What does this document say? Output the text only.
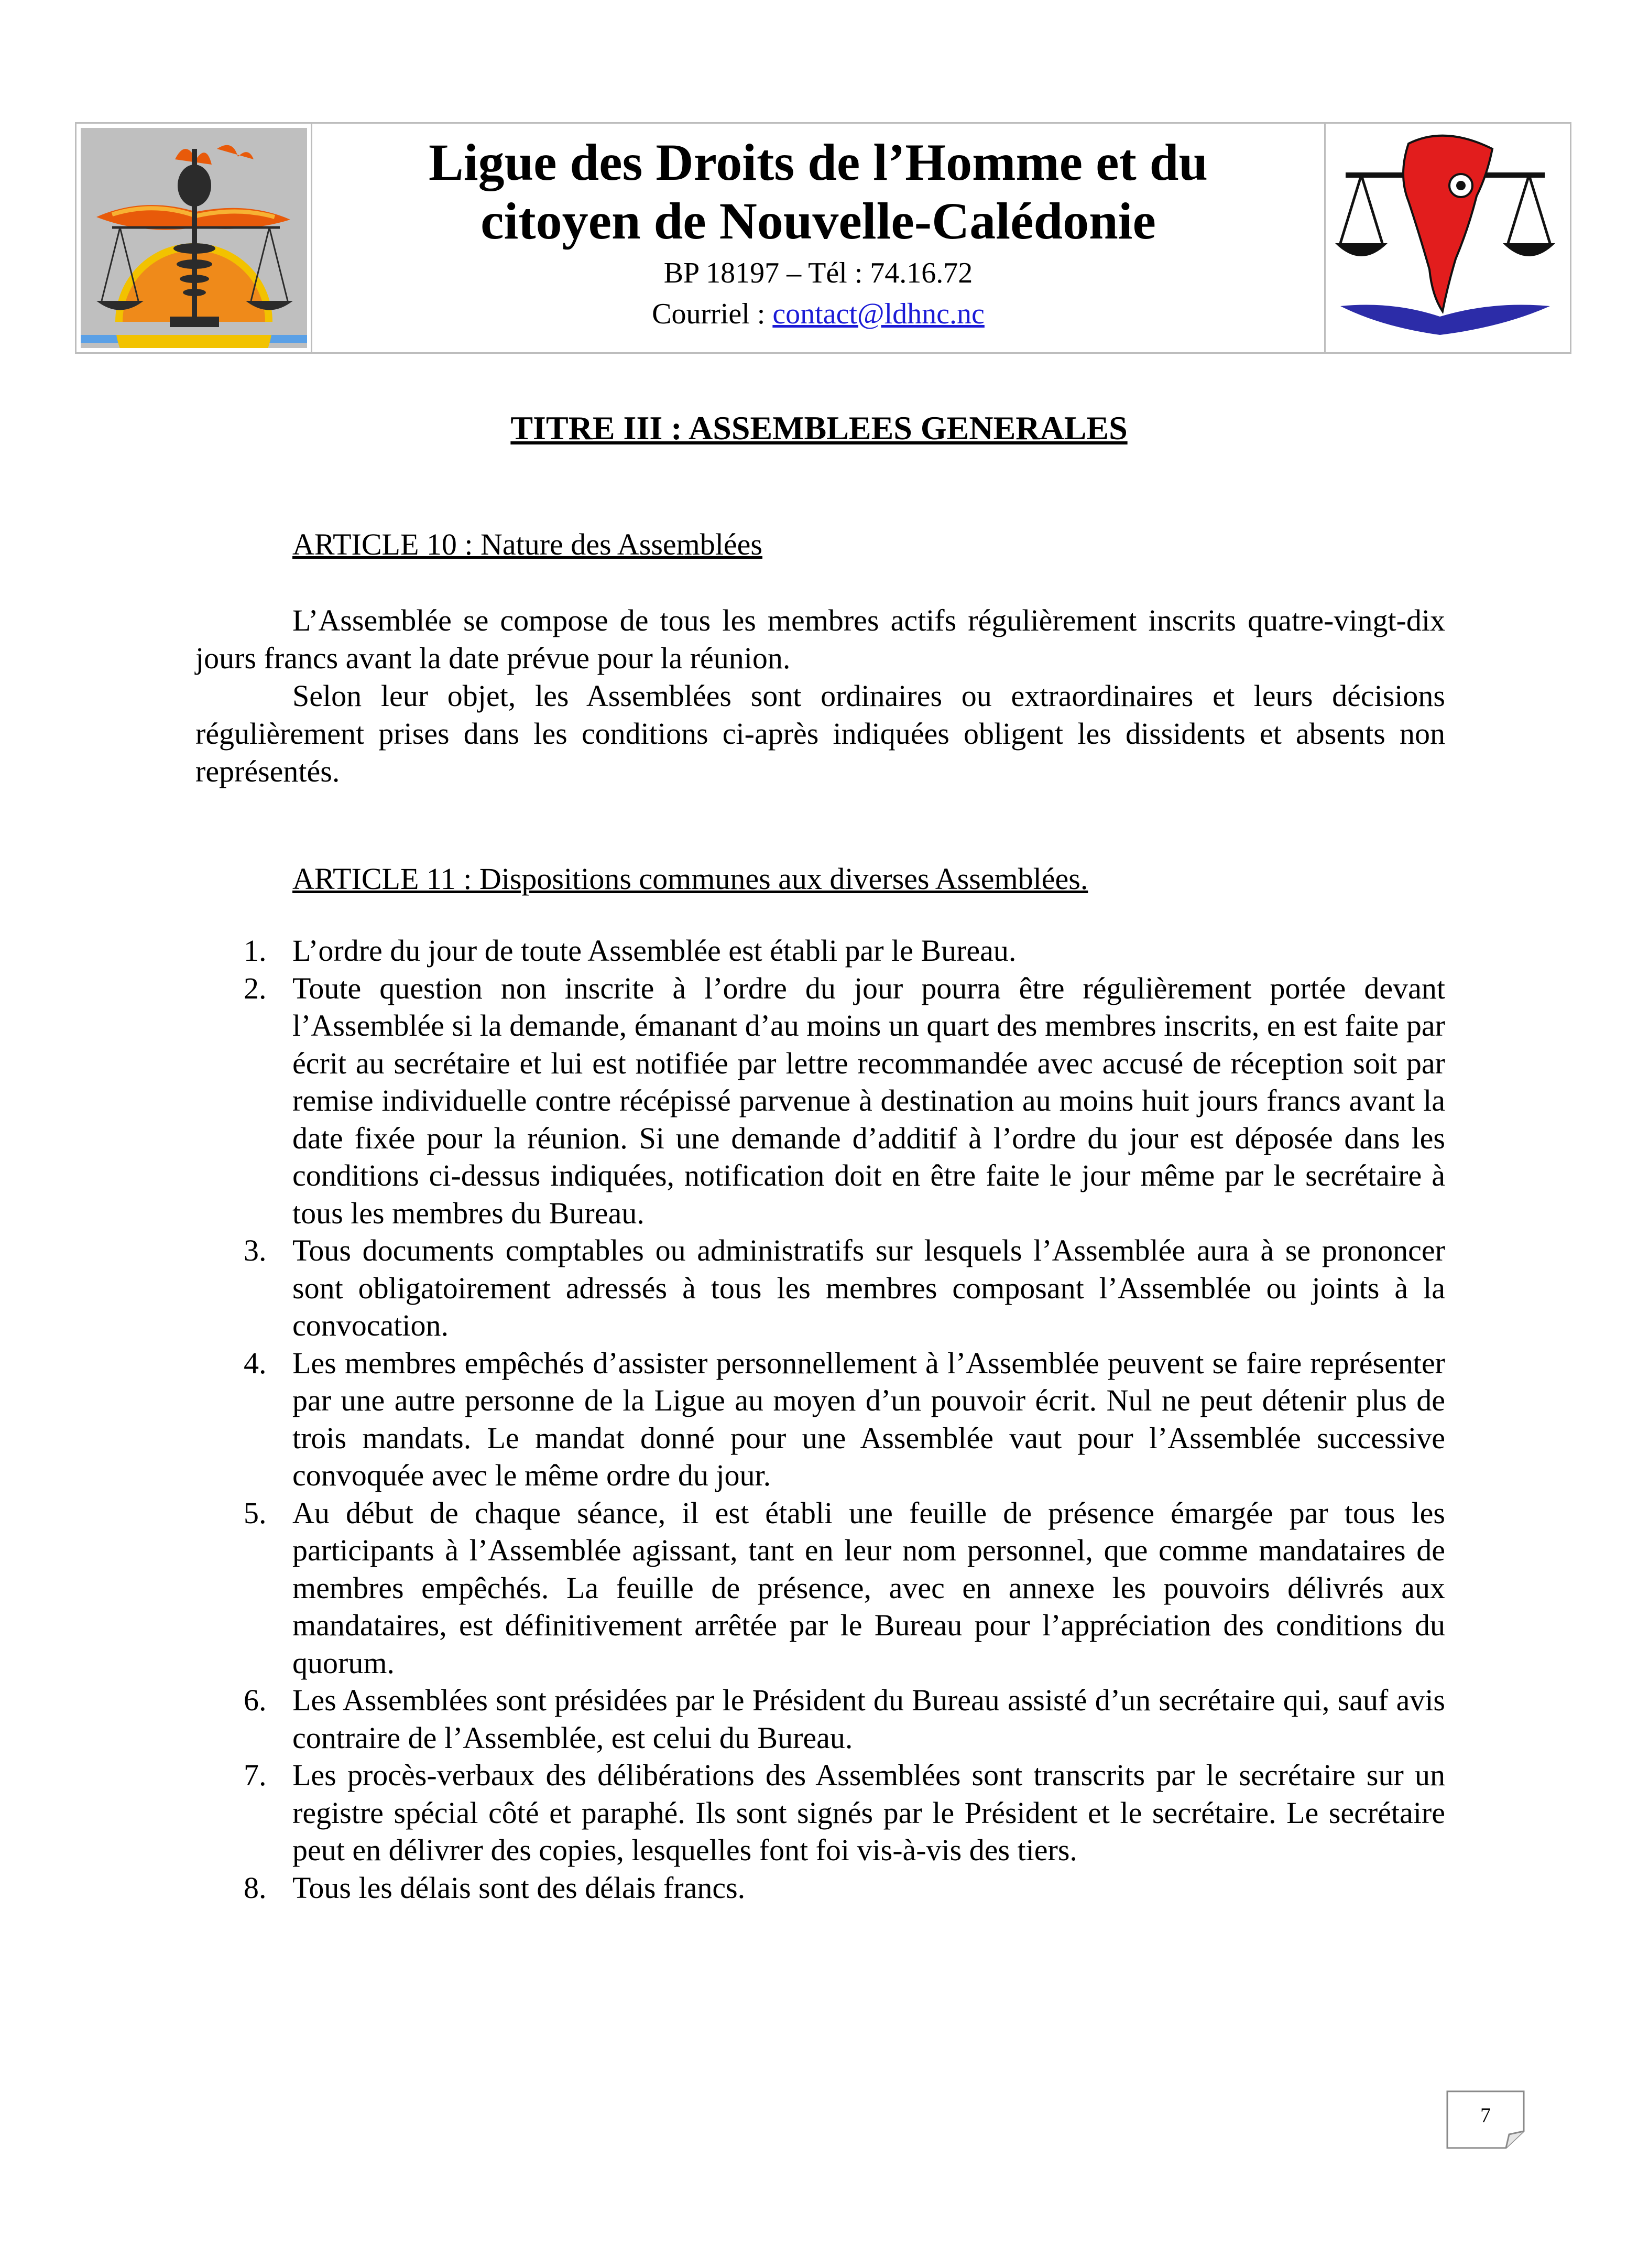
Ligue des Droits de l’Homme et du
citoyen de Nouvelle-Calédonie
BP 18197 – Tél : 74.16.72
Courriel : contact@ldhnc.nc
TITRE III : ASSEMBLEES GENERALES
ARTICLE 10 : Nature des Assemblées
L’Assemblée se compose de tous les membres actifs régulièrement inscrits quatre-vingt-dix jours francs avant la date prévue pour la réunion.
Selon leur objet, les Assemblées sont ordinaires ou extraordinaires et leurs décisions régulièrement prises dans les conditions ci-après indiquées obligent les dissidents et absents non représentés.
ARTICLE 11 : Dispositions communes aux diverses Assemblées.
1. L’ordre du jour de toute Assemblée est établi par le Bureau.
2. Toute question non inscrite à l’ordre du jour pourra être régulièrement portée devant l’Assemblée si la demande, émanant d’au moins un quart des membres inscrits, en est faite par écrit au secrétaire et lui est notifiée par lettre recommandée avec accusé de réception soit par remise individuelle contre récépissé parvenue à destination au moins huit jours francs avant la date fixée pour la réunion. Si une demande d’additif à l’ordre du jour est déposée dans les conditions ci-dessus indiquées, notification doit en être faite le jour même par le secrétaire à tous les membres du Bureau.
3. Tous documents comptables ou administratifs sur lesquels l’Assemblée aura à se prononcer sont obligatoirement adressés à tous les membres composant l’Assemblée ou joints à la convocation.
4. Les membres empêchés d’assister personnellement à l’Assemblée peuvent se faire représenter par une autre personne de la Ligue au moyen d’un pouvoir écrit. Nul ne peut détenir plus de trois mandats. Le mandat donné pour une Assemblée vaut pour l’Assemblée successive convoquée avec le même ordre du jour.
5. Au début de chaque séance, il est établi une feuille de présence émargée par tous les participants à l’Assemblée agissant, tant en leur nom personnel, que comme mandataires de membres empêchés. La feuille de présence, avec en annexe les pouvoirs délivrés aux mandataires, est définitivement arrêtée par le Bureau pour l’appréciation des conditions du quorum.
6. Les Assemblées sont présidées par le Président du Bureau assisté d’un secrétaire qui, sauf avis contraire de l’Assemblée, est celui du Bureau.
7. Les procès-verbaux des délibérations des Assemblées sont transcrits par le secrétaire sur un registre spécial côté et paraphé. Ils sont signés par le Président et le secrétaire. Le secrétaire peut en délivrer des copies, lesquelles font foi vis-à-vis des tiers.
8. Tous les délais sont des délais francs.
7
